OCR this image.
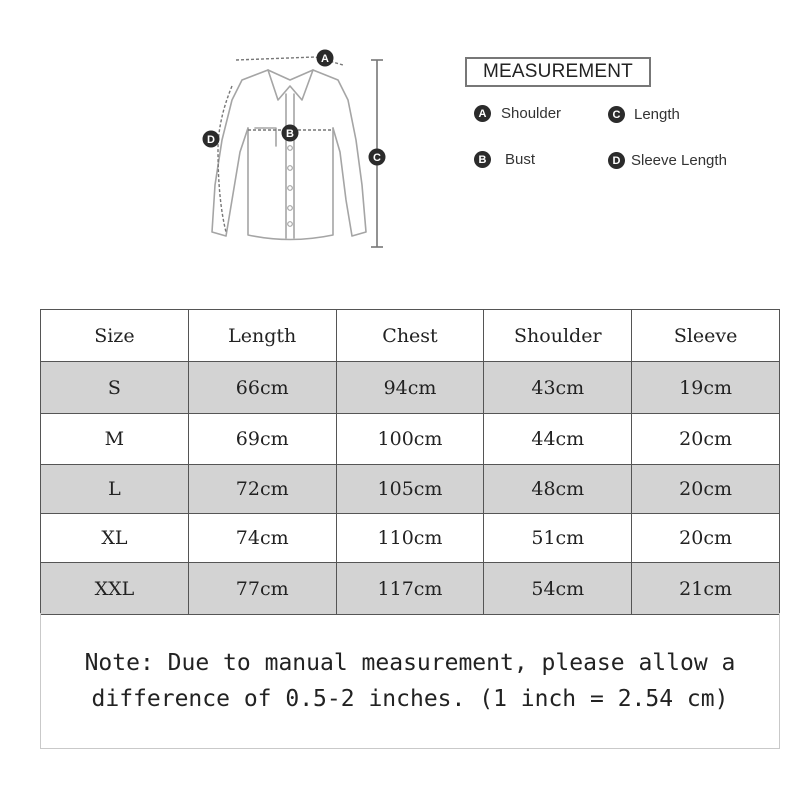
A
B
C
D
MEASUREMENT
A Shoulder	C Length
B	Bust	D Sleeve Length
Size	Length	Chest	Shoulder	Sleeve
S	66cm	94cm	43cm	19cm
M	69cm	100cm	44cm	20cm
L	72cm	105cm	48cm	20cm
XL	74cm	110cm	51cm	20cm
XXL	77cm	117cm	54cm	21cm
Note: Due to manual measurement, please allow a difference of 0.5-2 inches. (1 inch = 2.54 cm)
